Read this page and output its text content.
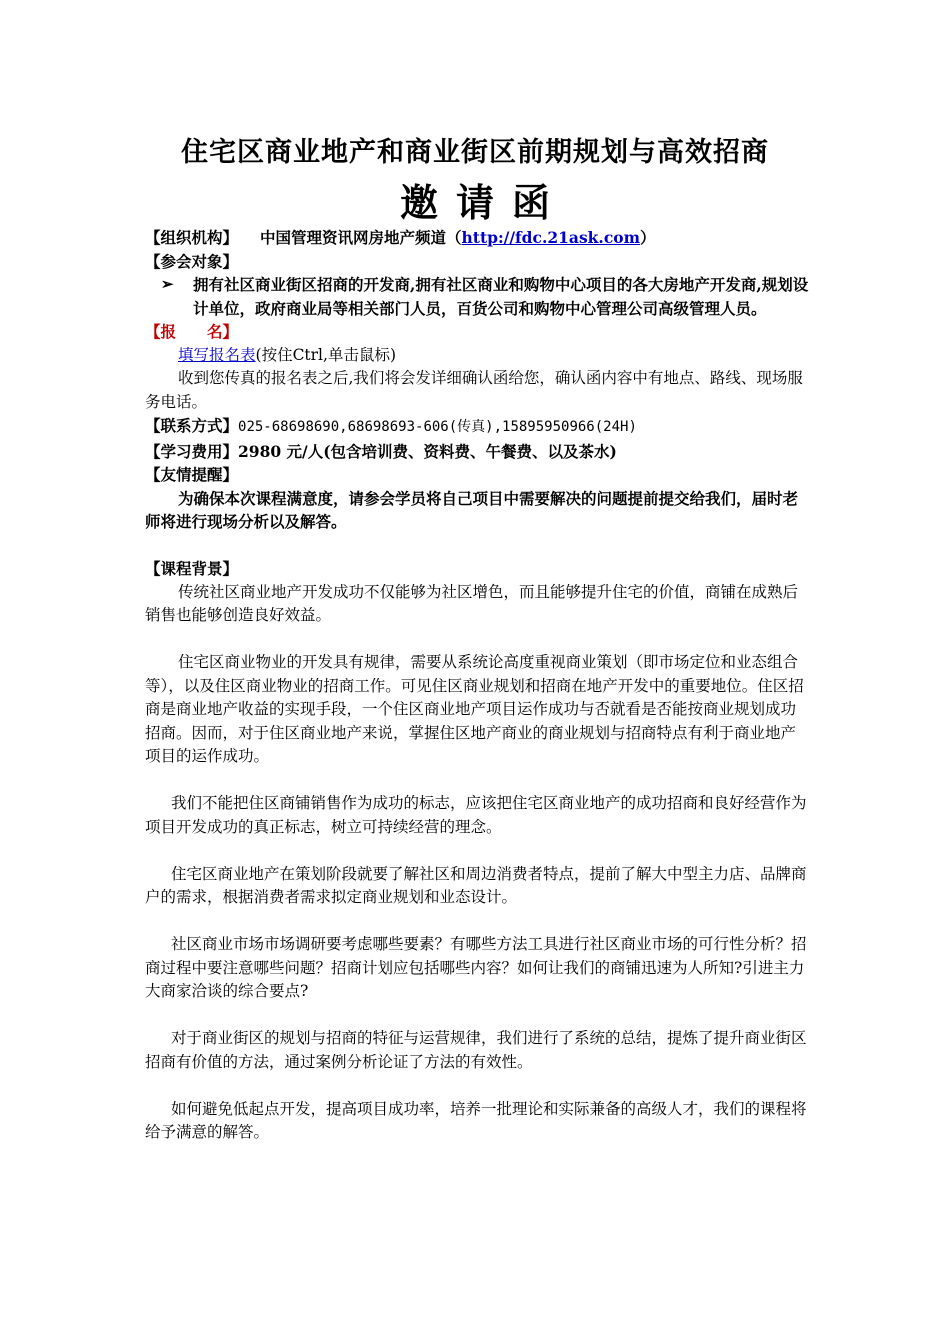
住宅区商业地产和商业街区前期规划与高效招商
邀请函
【组织机构】 中国管理资讯网房地产频道（http://fdc.21ask.com）
【参会对象】
➢ 拥有社区商业街区招商的开发商,拥有社区商业和购物中心项目的各大房地产开发商,规划设计单位，政府商业局等相关部门人员，百货公司和购物中心管理公司高级管理人员。
【报　　名】
填写报名表(按住Ctrl,单击鼠标)
收到您传真的报名表之后,我们将会发详细确认函给您，确认函内容中有地点、路线、现场服务电话。
【联系方式】025-68698690,68698693-606(传真),15895950966(24H)
【学习费用】2980 元/人(包含培训费、资料费、午餐费、以及茶水)
【友情提醒】
为确保本次课程满意度，请参会学员将自己项目中需要解决的问题提前提交给我们，届时老师将进行现场分析以及解答。
【课程背景】
传统社区商业地产开发成功不仅能够为社区增色，而且能够提升住宅的价值，商铺在成熟后销售也能够创造良好效益。
住宅区商业物业的开发具有规律，需要从系统论高度重视商业策划（即市场定位和业态组合等），以及住区商业物业的招商工作。可见住区商业规划和招商在地产开发中的重要地位。住区招商是商业地产收益的实现手段，一个住区商业地产项目运作成功与否就看是否能按商业规划成功招商。因而，对于住区商业地产来说，掌握住区地产商业的商业规划与招商特点有利于商业地产项目的运作成功。
我们不能把住区商铺销售作为成功的标志，应该把住宅区商业地产的成功招商和良好经营作为项目开发成功的真正标志，树立可持续经营的理念。
住宅区商业地产在策划阶段就要了解社区和周边消费者特点，提前了解大中型主力店、品牌商户的需求，根据消费者需求拟定商业规划和业态设计。
社区商业市场市场调研要考虑哪些要素？有哪些方法工具进行社区商业市场的可行性分析？招商过程中要注意哪些问题？招商计划应包括哪些内容？如何让我们的商铺迅速为人所知?引进主力大商家洽谈的综合要点?
对于商业街区的规划与招商的特征与运营规律，我们进行了系统的总结，提炼了提升商业街区招商有价值的方法，通过案例分析论证了方法的有效性。
如何避免低起点开发，提高项目成功率，培养一批理论和实际兼备的高级人才，我们的课程将给予满意的解答。
